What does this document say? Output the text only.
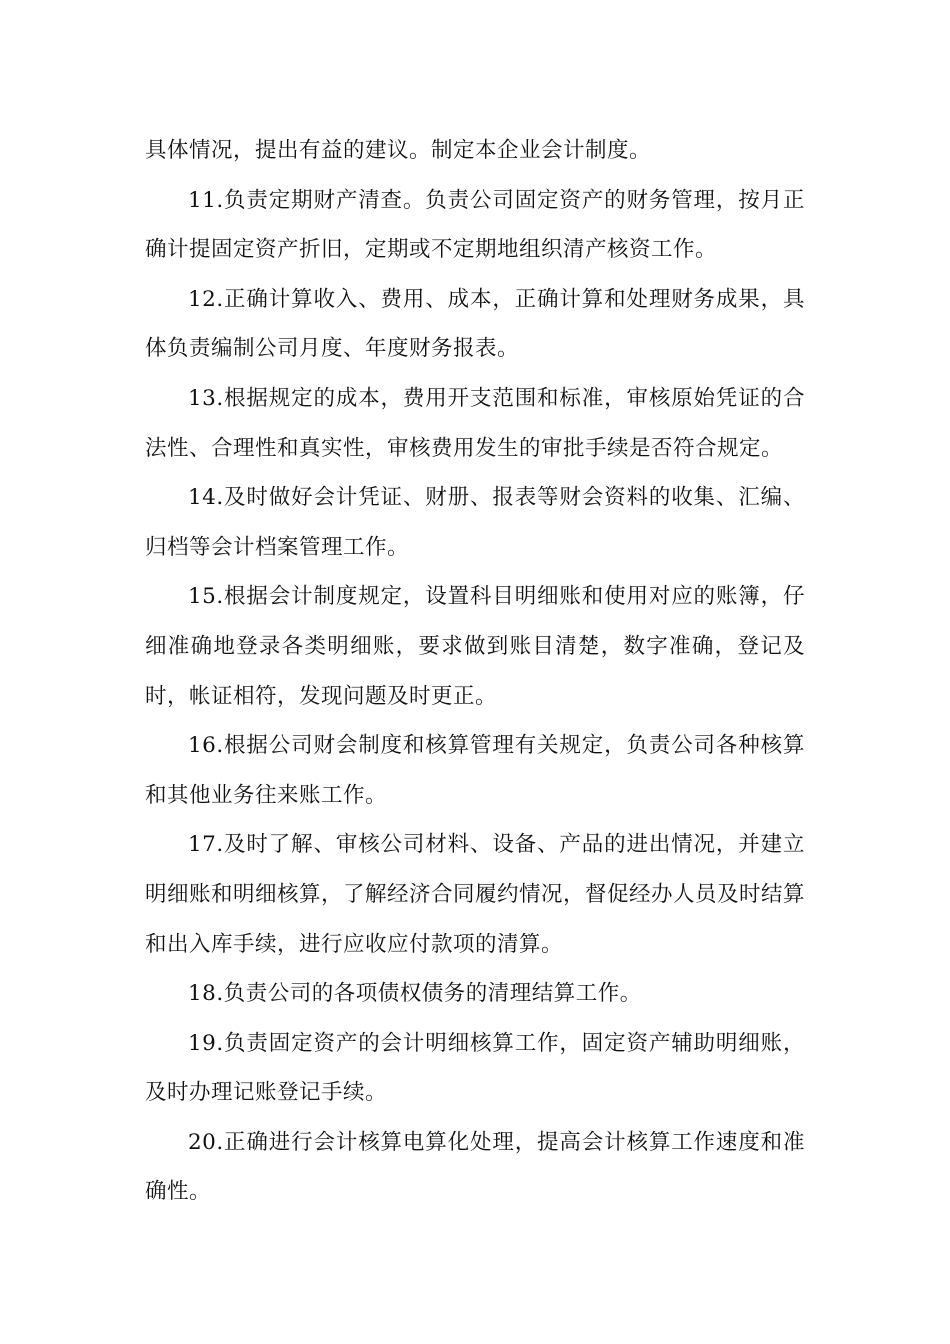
具体情况，提出有益的建议。制定本企业会计制度。

11.负责定期财产清查。负责公司固定资产的财务管理，按月正确计提固定资产折旧，定期或不定期地组织清产核资工作。

12.正确计算收入、费用、成本，正确计算和处理财务成果，具体负责编制公司月度、年度财务报表。

13.根据规定的成本，费用开支范围和标准，审核原始凭证的合法性、合理性和真实性，审核费用发生的审批手续是否符合规定。

14.及时做好会计凭证、财册、报表等财会资料的收集、汇编、归档等会计档案管理工作。

15.根据会计制度规定，设置科目明细账和使用对应的账簿，仔细准确地登录各类明细账，要求做到账目清楚，数字准确，登记及时，帐证相符，发现问题及时更正。

16.根据公司财会制度和核算管理有关规定，负责公司各种核算和其他业务往来账工作。

17.及时了解、审核公司材料、设备、产品的进出情况，并建立明细账和明细核算，了解经济合同履约情况，督促经办人员及时结算和出入库手续，进行应收应付款项的清算。

18.负责公司的各项债权债务的清理结算工作。

19.负责固定资产的会计明细核算工作，固定资产辅助明细账，及时办理记账登记手续。

20.正确进行会计核算电算化处理，提高会计核算工作速度和准确性。
